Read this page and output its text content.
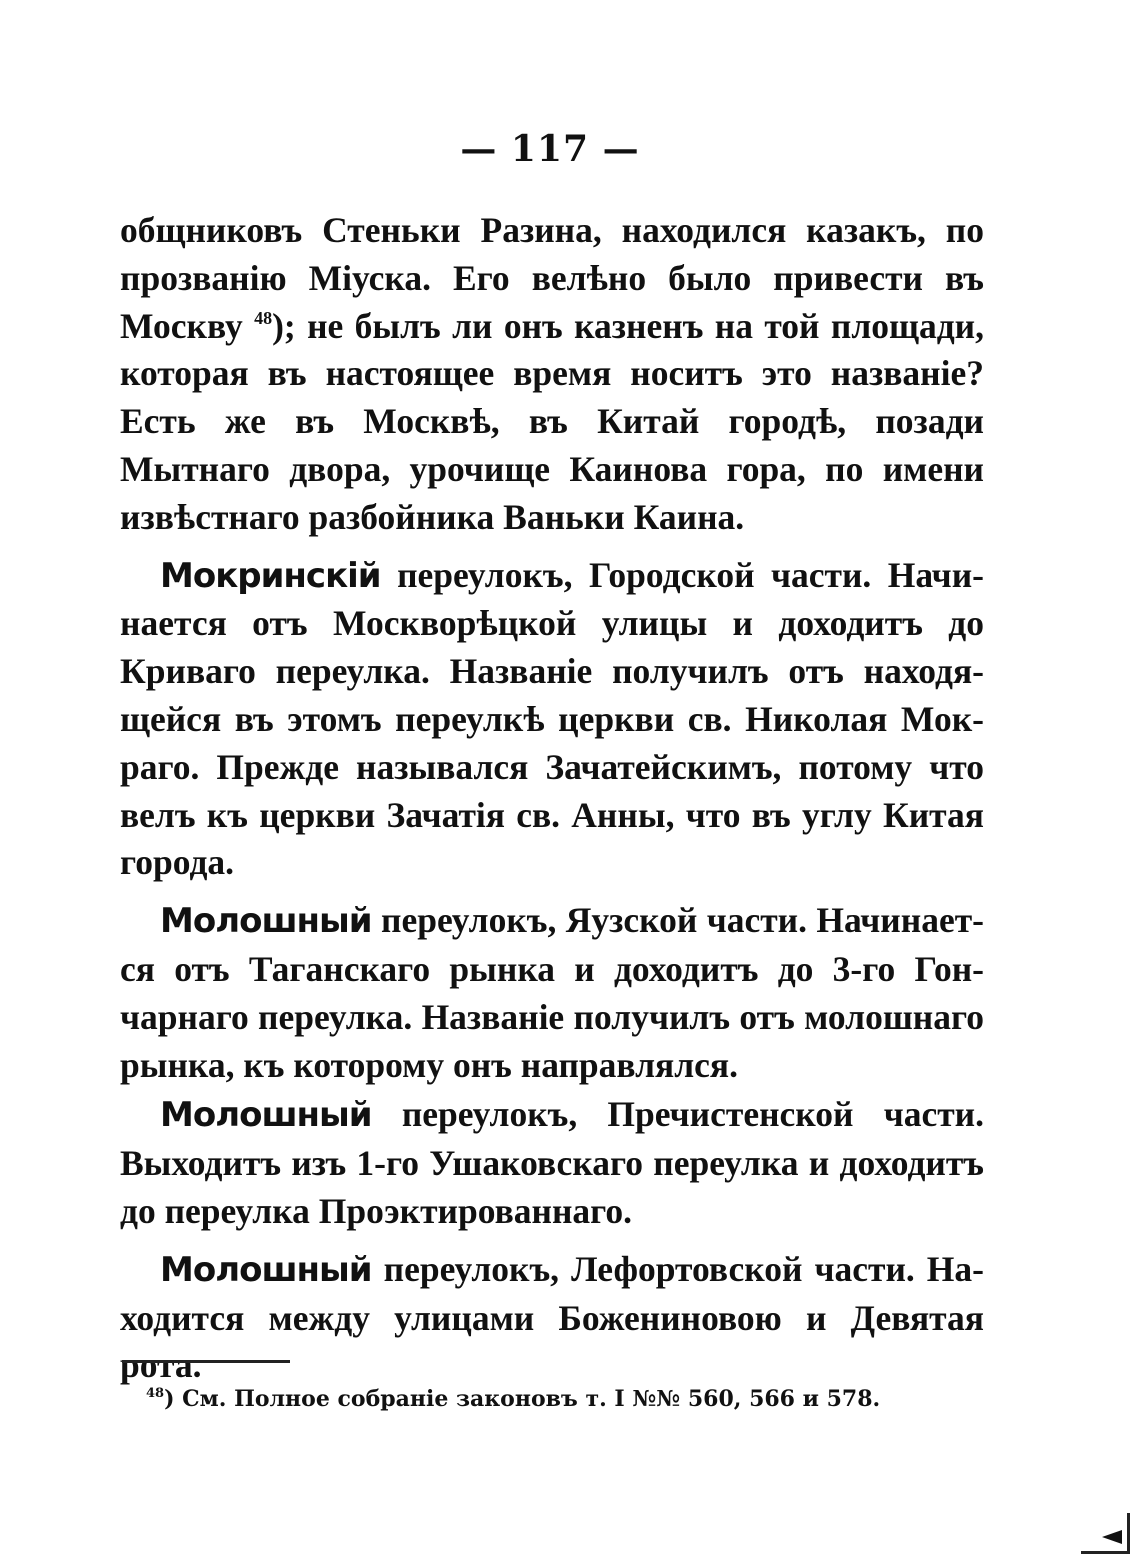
— 117 —

общниковъ Стеньки Разина, находился казакъ, по прозванію Міуска. Его велѣно было привести въ Москву $^{48}$); не былъ ли онъ казненъ на той площади, которая въ настоящее время носитъ это названіе? Есть же въ Москвѣ, въ Китай городѣ, позади Мытнаго двора, урочище Каинова гора, по имени извѣстнаго разбойника Ваньки Каина.

Мокринскій переулокъ, Городской части. Начинается отъ Москворѣцкой улицы и доходитъ до Криваго переулка. Названіе получилъ отъ находящейся въ этомъ переулкѣ церкви св. Николая Мокраго. Прежде назывался Зачатейскимъ, потому что велъ къ церкви Зачатія св. Анны, что въ углу Китая города.

Молошный переулокъ, Яузской части. Начинается отъ Таганскаго рынка и доходитъ до 3-го Гончарнаго переулка. Названіе получилъ отъ молошнаго рынка, къ которому онъ направлялся.

Молошный переулокъ, Пречистенской части. Выходитъ изъ 1-го Ушаковскаго переулка и доходитъ до переулка Проэктированнаго.

Молошный переулокъ, Лефортовской части. Находится между улицами Божениновою и Девятая рота.

$^{48}$) См. Полное собраніе законовъ т. I №№ 560, 566 и 578.
